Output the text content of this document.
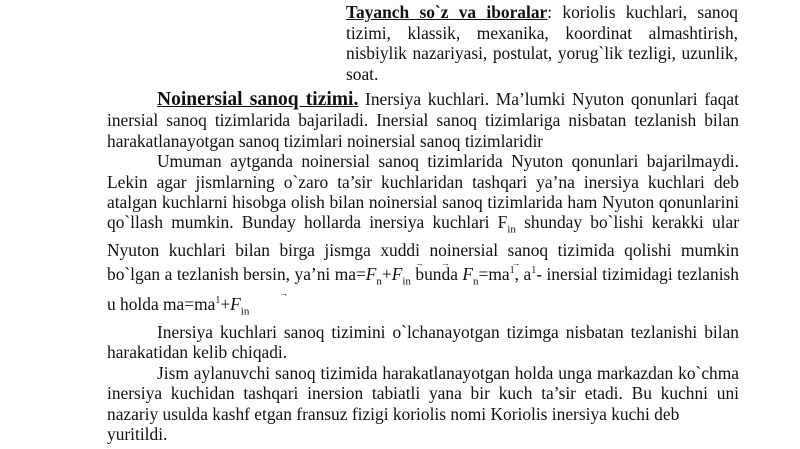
Tayanch so`z va iboralar: koriolis kuchlari, sanoq tizimi, klassik, mexanika, koordinat almashtirish, nisbiylik nazariyasi, postulat, yorug`lik tezligi, uzunlik, soat.

Noinersial sanoq tizimi. Inersiya kuchlari. Ma’lumki Nyuton qonunlari faqat inersial sanoq tizimlarida bajariladi. Inersial sanoq tizimlariga nisbatan tezlanish bilan harakatlanayotgan sanoq tizimlari noinersial sanoq tizimlaridir

Umuman aytganda noinersial sanoq tizimlarida Nyuton qonunlari bajarilmaydi. Lekin agar jismlarning o`zaro ta’sir kuchlaridan tashqari ya’na inersiya kuchlari deb atalgan kuchlarni hisobga olish bilan noinersial sanoq tizimlarida ham Nyuton qonunlarini qo`llash mumkin. Bunday hollarda inersiya kuchlari $F_{in}$ shunday bo`lishi kerakki ular Nyuton kuchlari bilan birga jismga xuddi noinersial sanoq tizimida qolishi mumkin bo`lgan a tezlanish bersin, ya’ni $ma=\to F_n+\to F_{in}$ bunda → $F_n=ma^1$, $a^1-$ inersial tizimidagi tezlanish u holda $ma=ma^1+\to F_{in}$

Inersiya kuchlari sanoq tizimini o`lchanayotgan tizimga nisbatan tezlanishi bilan harakatidan kelib chiqadi.

Jism aylanuvchi sanoq tizimida harakatlanayotgan holda unga markazdan ko`chma inersiya kuchidan tashqari inersion tabiatli yana bir kuch ta’sir etadi. Bu kuchni uni nazariy usulda kashf etgan fransuz fizigi koriolis nomi Koriolis inersiya kuchi deb

yuritildi.
